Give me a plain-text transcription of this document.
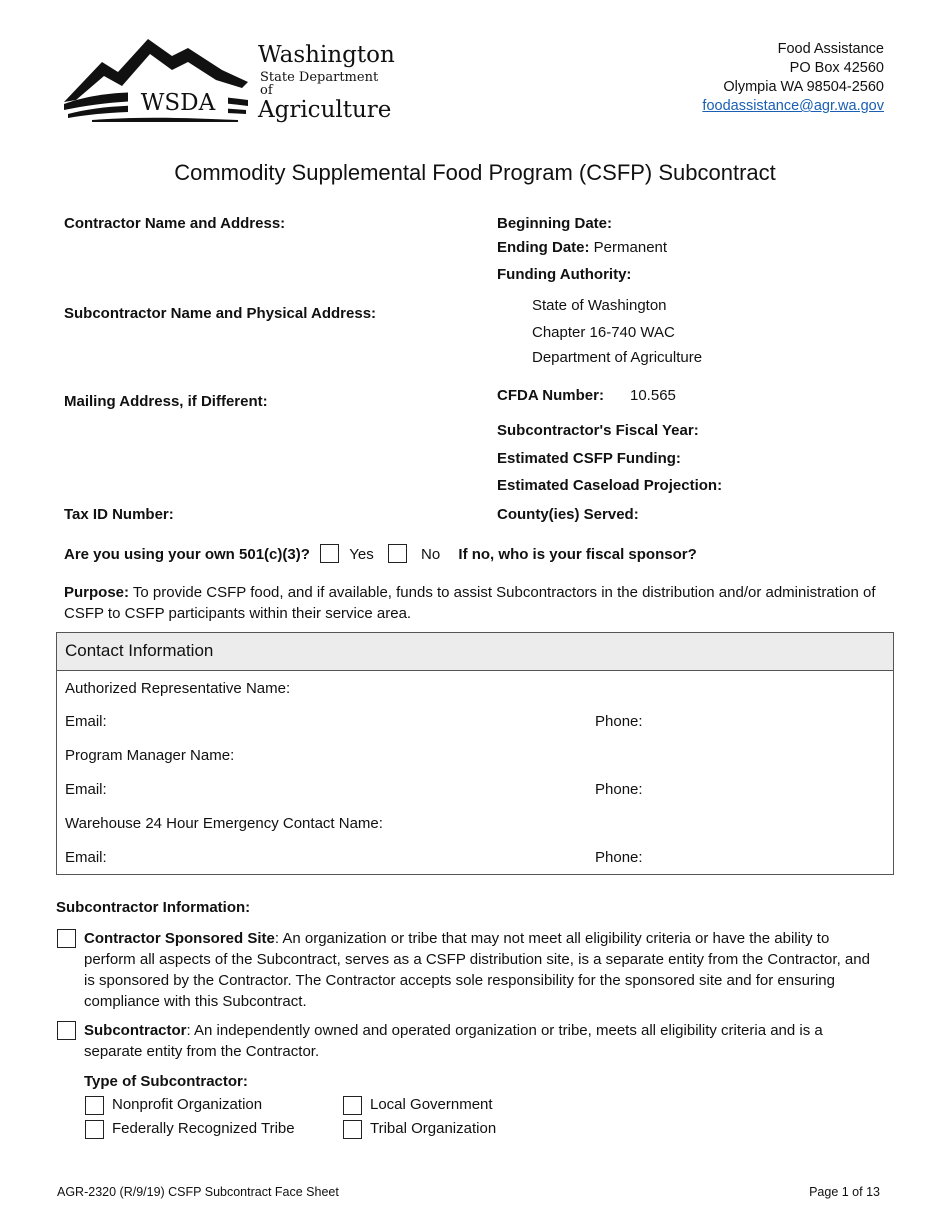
WSDA
Washington
State Department of
Agriculture
Food Assistance
PO Box 42560
Olympia WA 98504-2560
foodassistance@agr.wa.gov
Commodity Supplemental Food Program (CSFP) Subcontract
Contractor Name and Address:
Subcontractor Name and Physical Address:
Mailing Address, if Different:
Tax ID Number:
Beginning Date:
Ending Date: Permanent
Funding Authority:
State of Washington
Chapter 16-740 WAC
Department of Agriculture
CFDA Number: 10.565
Subcontractor's Fiscal Year:
Estimated CSFP Funding:
Estimated Caseload Projection:
County(ies) Served:
Are you using your own 501(c)(3)?	Yes	No If no, who is your fiscal sponsor?
Purpose: To provide CSFP food, and if available, funds to assist Subcontractors in the distribution and/or administration of CSFP to CSFP participants within their service area.
Contact Information
Authorized Representative Name:
Email:	Phone:
Program Manager Name:
Email:	Phone:
Warehouse 24 Hour Emergency Contact Name:
Email:	Phone:
Subcontractor Information:
Contractor Sponsored Site: An organization or tribe that may not meet all eligibility criteria or have the ability to perform all aspects of the Subcontract, serves as a CSFP distribution site, is a separate entity from the Contractor, and is sponsored by the Contractor. The Contractor accepts sole responsibility for the sponsored site and for ensuring compliance with this Subcontract.
Subcontractor: An independently owned and operated organization or tribe, meets all eligibility criteria and is a separate entity from the Contractor.
Type of Subcontractor:
Nonprofit Organization	Local Government
Federally Recognized Tribe	Tribal Organization
AGR-2320 (R/9/19) CSFP Subcontract Face Sheet	Page 1 of 13
